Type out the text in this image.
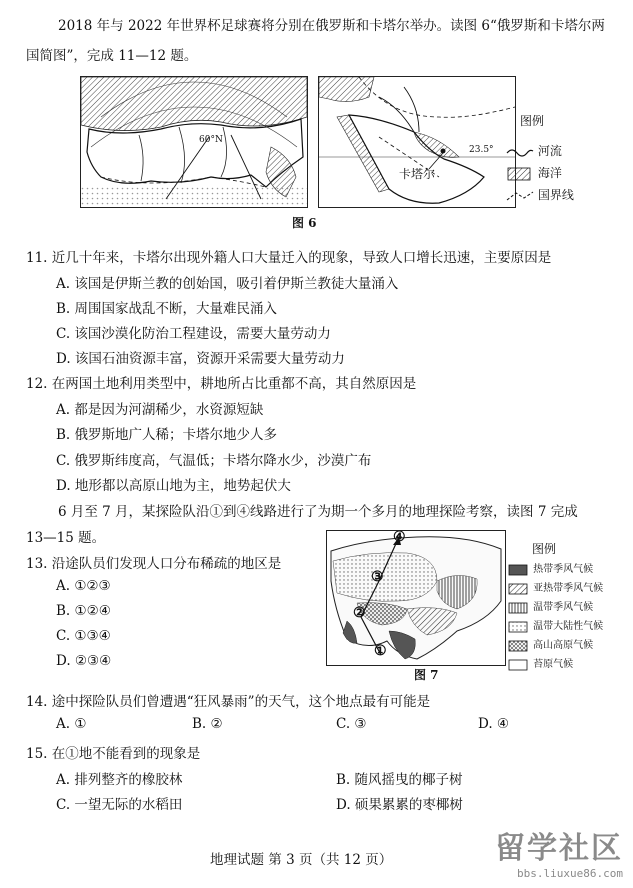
2018 年与 2022 年世界杯足球赛将分别在俄罗斯和卡塔尔举办。读图 6“俄罗斯和卡塔尔两
国简图”，完成 11—12 题。
60°N
卡塔尔
23.5°
图例
河流
海洋
国界线
图 6
11. 近几十年来，卡塔尔出现外籍人口大量迁入的现象，导致人口增长迅速，主要原因是
A. 该国是伊斯兰教的创始国，吸引着伊斯兰教徒大量涌入
B. 周围国家战乱不断，大量难民涌入
C. 该国沙漠化防治工程建设，需要大量劳动力
D. 该国石油资源丰富，资源开采需要大量劳动力
12. 在两国土地利用类型中，耕地所占比重都不高，其自然原因是
A. 都是因为河湖稀少，水资源短缺
B. 俄罗斯地广人稀；卡塔尔地少人多
C. 俄罗斯纬度高，气温低；卡塔尔降水少，沙漠广布
D. 地形都以高原山地为主，地势起伏大
6 月至 7 月，某探险队沿①到④线路进行了为期一个多月的地理探险考察，读图 7 完成
13—15 题。
13. 沿途队员们发现人口分布稀疏的地区是
A. ①②③
B. ①②④
C. ①③④
D. ②③④
①
②
③
④
图 7
图例
热带季风气候
亚热带季风气候
温带季风气候
温带大陆性气候
高山高原气候
苔原气候
14. 途中探险队员们曾遭遇“狂风暴雨”的天气，这个地点最有可能是
A. ①	B. ②	C. ③	D. ④
15. 在①地不能看到的现象是
A. 排列整齐的橡胶林	B. 随风摇曳的椰子树
C. 一望无际的水稻田	D. 硕果累累的枣椰树
地理试题 第 3 页（共 12 页）	留学社区
bbs.liuxue86.com
